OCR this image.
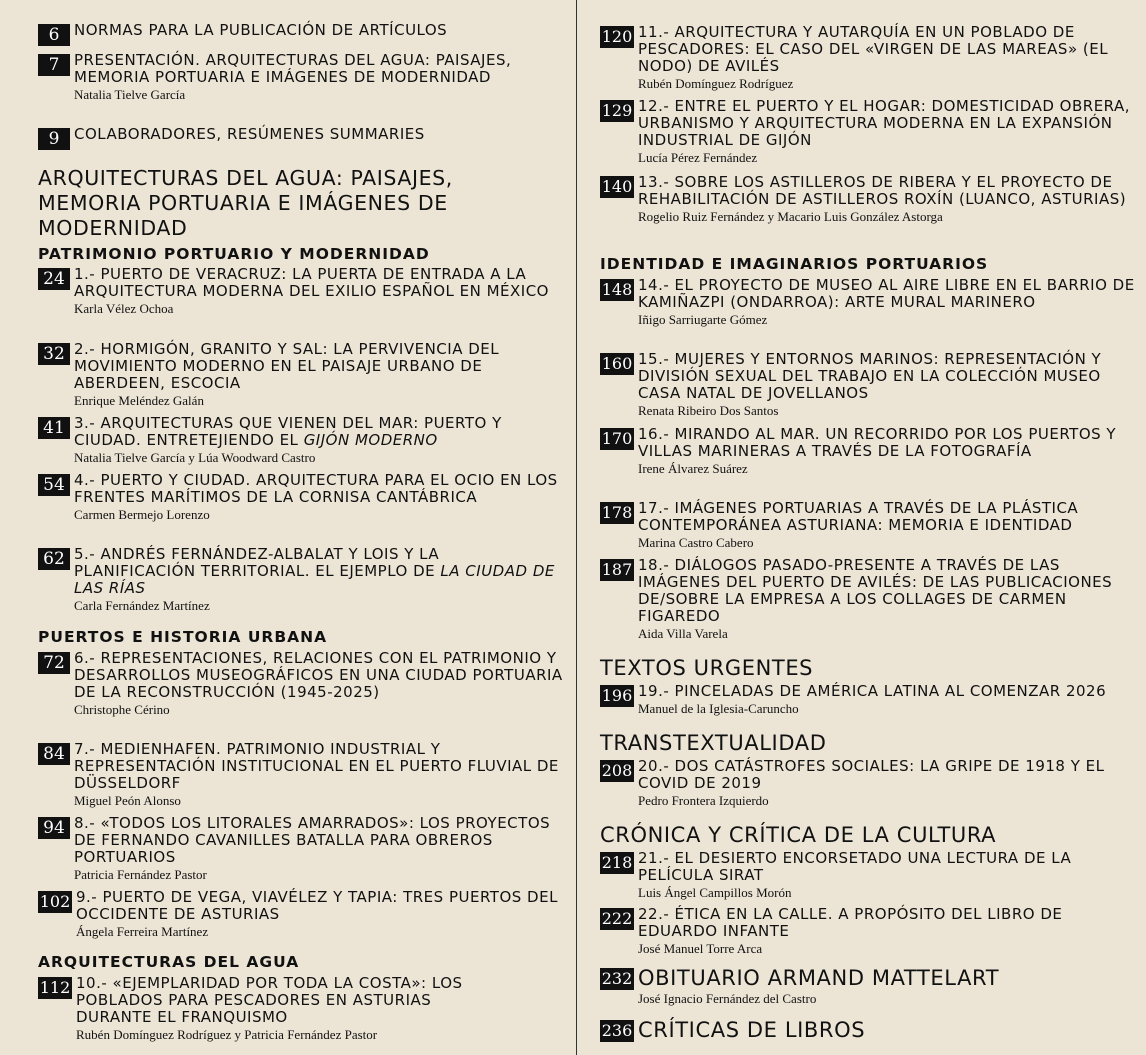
6 NORMAS PARA LA PUBLICACIÓN DE ARTÍCULOS
7 PRESENTACIÓN. ARQUITECTURAS DEL AGUA: PAISAJES, MEMORIA PORTUARIA E IMÁGENES DE MODERNIDAD
Natalia Tielve García
9 COLABORADORES, RESÚMENES SUMMARIES
ARQUITECTURAS DEL AGUA: PAISAJES, MEMORIA PORTUARIA E IMÁGENES DE MODERNIDAD
PATRIMONIO PORTUARIO Y MODERNIDAD
24 1.- PUERTO DE VERACRUZ: LA PUERTA DE ENTRADA A LA ARQUITECTURA MODERNA DEL EXILIO ESPAÑOL EN MÉXICO
Karla Vélez Ochoa
32 2.- HORMIGÓN, GRANITO Y SAL: LA PERVIVENCIA DEL MOVIMIENTO MODERNO EN EL PAISAJE URBANO DE ABERDEEN, ESCOCIA
Enrique Meléndez Galán
41 3.- ARQUITECTURAS QUE VIENEN DEL MAR: PUERTO Y CIUDAD. ENTRETEJIENDO EL GIJÓN MODERNO
Natalia Tielve García y Lúa Woodward Castro
54 4.- PUERTO Y CIUDAD. ARQUITECTURA PARA EL OCIO EN LOS FRENTES MARÍTIMOS DE LA CORNISA CANTÁBRICA
Carmen Bermejo Lorenzo
62 5.- ANDRÉS FERNÁNDEZ-ALBALAT Y LOIS Y LA PLANIFICACIÓN TERRITORIAL. EL EJEMPLO DE LA CIUDAD DE LAS RÍAS
Carla Fernández Martínez
PUERTOS E HISTORIA URBANA
72 6.- REPRESENTACIONES, RELACIONES CON EL PATRIMONIO Y DESARROLLOS MUSEOGRÁFICOS EN UNA CIUDAD PORTUARIA DE LA RECONSTRUCCIÓN (1945-2025)
Christophe Cérino
84 7.- MEDIENHAFEN. PATRIMONIO INDUSTRIAL Y REPRESENTACIÓN INSTITUCIONAL EN EL PUERTO FLUVIAL DE DÜSSELDORF
Miguel Peón Alonso
94 8.- «TODOS LOS LITORALES AMARRADOS»: LOS PROYECTOS DE FERNANDO CAVANILLES BATALLA PARA OBREROS PORTUARIOS
Patricia Fernández Pastor
102 9.- PUERTO DE VEGA, VIAVÉLEZ Y TAPIA: TRES PUERTOS DEL OCCIDENTE DE ASTURIAS
Ángela Ferreira Martínez
ARQUITECTURAS DEL AGUA
112 10.- «EJEMPLARIDAD POR TODA LA COSTA»: LOS POBLADOS PARA PESCADORES EN ASTURIAS DURANTE EL FRANQUISMO
Rubén Domínguez Rodríguez y Patricia Fernández Pastor
120 11.- ARQUITECTURA Y AUTARQUÍA EN UN POBLADO DE PESCADORES: EL CASO DEL «VIRGEN DE LAS MAREAS» (EL NODO) DE AVILÉS
Rubén Domínguez Rodríguez
129 12.- ENTRE EL PUERTO Y EL HOGAR: DOMESTICIDAD OBRERA, URBANISMO Y ARQUITECTURA MODERNA EN LA EXPANSIÓN INDUSTRIAL DE GIJÓN
Lucía Pérez Fernández
140 13.- SOBRE LOS ASTILLEROS DE RIBERA Y EL PROYECTO DE REHABILITACIÓN DE ASTILLEROS ROXÍN (LUANCO, ASTURIAS)
Rogelio Ruiz Fernández y Macario Luis González Astorga
IDENTIDAD E IMAGINARIOS PORTUARIOS
148 14.- EL PROYECTO DE MUSEO AL AIRE LIBRE EN EL BARRIO DE KAMIÑAZPI (ONDARROA): ARTE MURAL MARINERO
Iñigo Sarriugarte Gómez
160 15.- MUJERES Y ENTORNOS MARINOS: REPRESENTACIÓN Y DIVISIÓN SEXUAL DEL TRABAJO EN LA COLECCIÓN MUSEO CASA NATAL DE JOVELLANOS
Renata Ribeiro Dos Santos
170 16.- MIRANDO AL MAR. UN RECORRIDO POR LOS PUERTOS Y VILLAS MARINERAS A TRAVÉS DE LA FOTOGRAFÍA
Irene Álvarez Suárez
178 17.- IMÁGENES PORTUARIAS A TRAVÉS DE LA PLÁSTICA CONTEMPORÁNEA ASTURIANA: MEMORIA E IDENTIDAD
Marina Castro Cabero
187 18.- DIÁLOGOS PASADO-PRESENTE A TRAVÉS DE LAS IMÁGENES DEL PUERTO DE AVILÉS: DE LAS PUBLICACIONES DE/SOBRE LA EMPRESA A LOS COLLAGES DE CARMEN FIGAREDO
Aida Villa Varela
TEXTOS URGENTES
196 19.- PINCELADAS DE AMÉRICA LATINA AL COMENZAR 2026
Manuel de la Iglesia-Caruncho
TRANSTEXTUALIDAD
208 20.- DOS CATÁSTROFES SOCIALES: LA GRIPE DE 1918 Y EL COVID DE 2019
Pedro Frontera Izquierdo
CRÓNICA Y CRÍTICA DE LA CULTURA
218 21.- EL DESIERTO ENCORSETADO UNA LECTURA DE LA PELÍCULA SIRAT
Luis Ángel Campillos Morón
222 22.- ÉTICA EN LA CALLE. A PROPÓSITO DEL LIBRO DE EDUARDO INFANTE
José Manuel Torre Arca
232 OBITUARIO ARMAND MATTELART
José Ignacio Fernández del Castro
236 CRÍTICAS DE LIBROS
